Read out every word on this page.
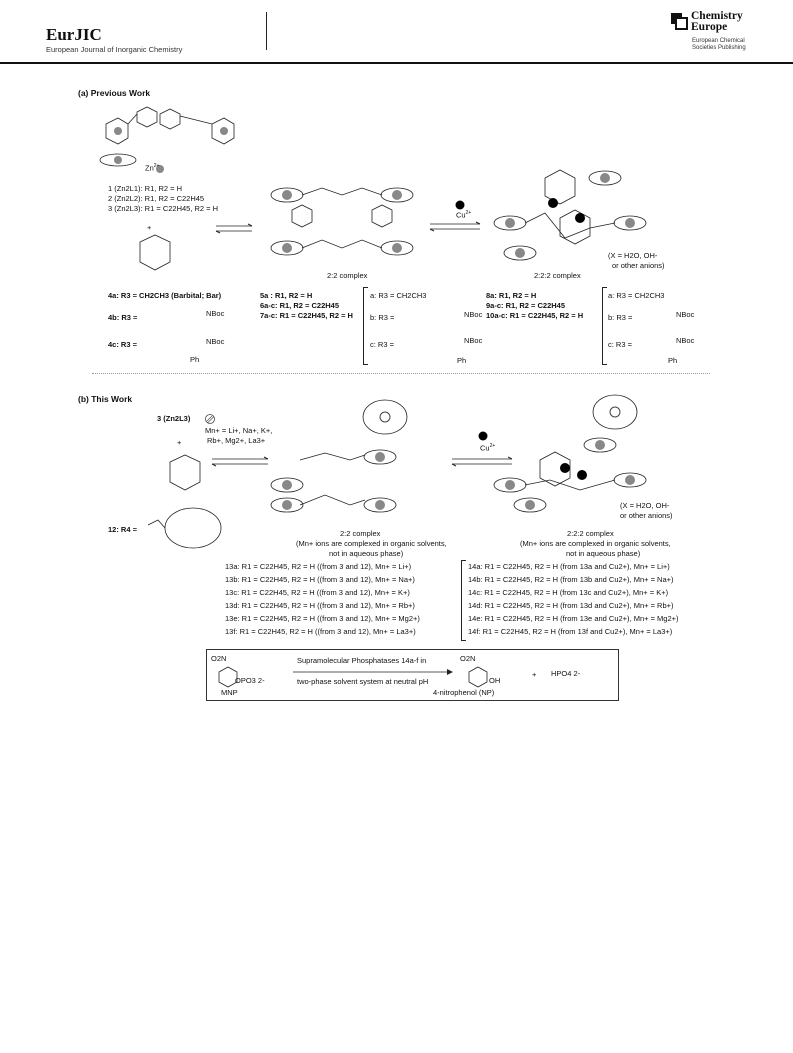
EurJIC
European Journal of Inorganic Chemistry
Chemistry
Europe
European Chemical
Societies Publishing
(a) Previous Work
$Zn^{2+}$
1 (Zn2L1): R1, R2 = H
2 (Zn2L2): R1, R2 = C22H45
3 (Zn2L3): R1 = C22H45, R2 = H
+
2:2 complex
$Cu^{2+}$
(X = H2O, OH-
or other anions)
2:2:2 complex
4a: R3 = CH2CH3 (Barbital; Bar)
4b: R3 =	NBoc
4c: R3 =	NBoc
Ph
5a : R1, R2 = H
6a-c: R1, R2 = C22H45
7a-c: R1 = C22H45, R2 = H
a: R3 = CH2CH3
b: R3 =	NBoc
c: R3 =	NBoc
Ph
8a: R1, R2 = H
9a-c: R1, R2 = C22H45
10a-c: R1 = C22H45, R2 = H
a: R3 = CH2CH3
b: R3 =	NBoc
c: R3 =	NBoc
Ph
(b) This Work
3 (Zn2L3)
Mn+ = Li+, Na+, K+,
Rb+, Mg2+, La3+
+
12: R4 =	2:2 complex
(Mn+ ions are complexed in organic solvents,
not in aqueous phase)
$Cu^{2+}$
(X = H2O, OH-
or other anions)
2:2:2 complex
(Mn+ ions are complexed in organic solvents,
not in aqueous phase)
13a: R1 = C22H45, R2 = H ((from 3 and 12), Mn+ = Li+)
13b: R1 = C22H45, R2 = H ((from 3 and 12), Mn+ = Na+)
13c: R1 = C22H45, R2 = H ((from 3 and 12), Mn+ = K+)
13d: R1 = C22H45, R2 = H ((from 3 and 12), Mn+ = Rb+)
13e: R1 = C22H45, R2 = H ((from 3 and 12), Mn+ = Mg2+)
13f: R1 = C22H45, R2 = H ((from 3 and 12), Mn+ = La3+)
14a: R1 = C22H45, R2 = H (from 13a and Cu2+), Mn+ = Li+)
14b: R1 = C22H45, R2 = H (from 13b and Cu2+), Mn+ = Na+)
14c: R1 = C22H45, R2 = H (from 13c and Cu2+), Mn+ = K+)
14d: R1 = C22H45, R2 = H (from 13d and Cu2+), Mn+ = Rb+)
14e: R1 = C22H45, R2 = H (from 13e and Cu2+), Mn+ = Mg2+)
14f: R1 = C22H45, R2 = H (from 13f and Cu2+), Mn+ = La3+)
O2N
OPO3 2-
MNP
Supramolecular Phosphatases 14a-f in
two-phase solvent system at neutral pH
O2N
OH
4-nitrophenol (NP)
+ HPO4 2-
